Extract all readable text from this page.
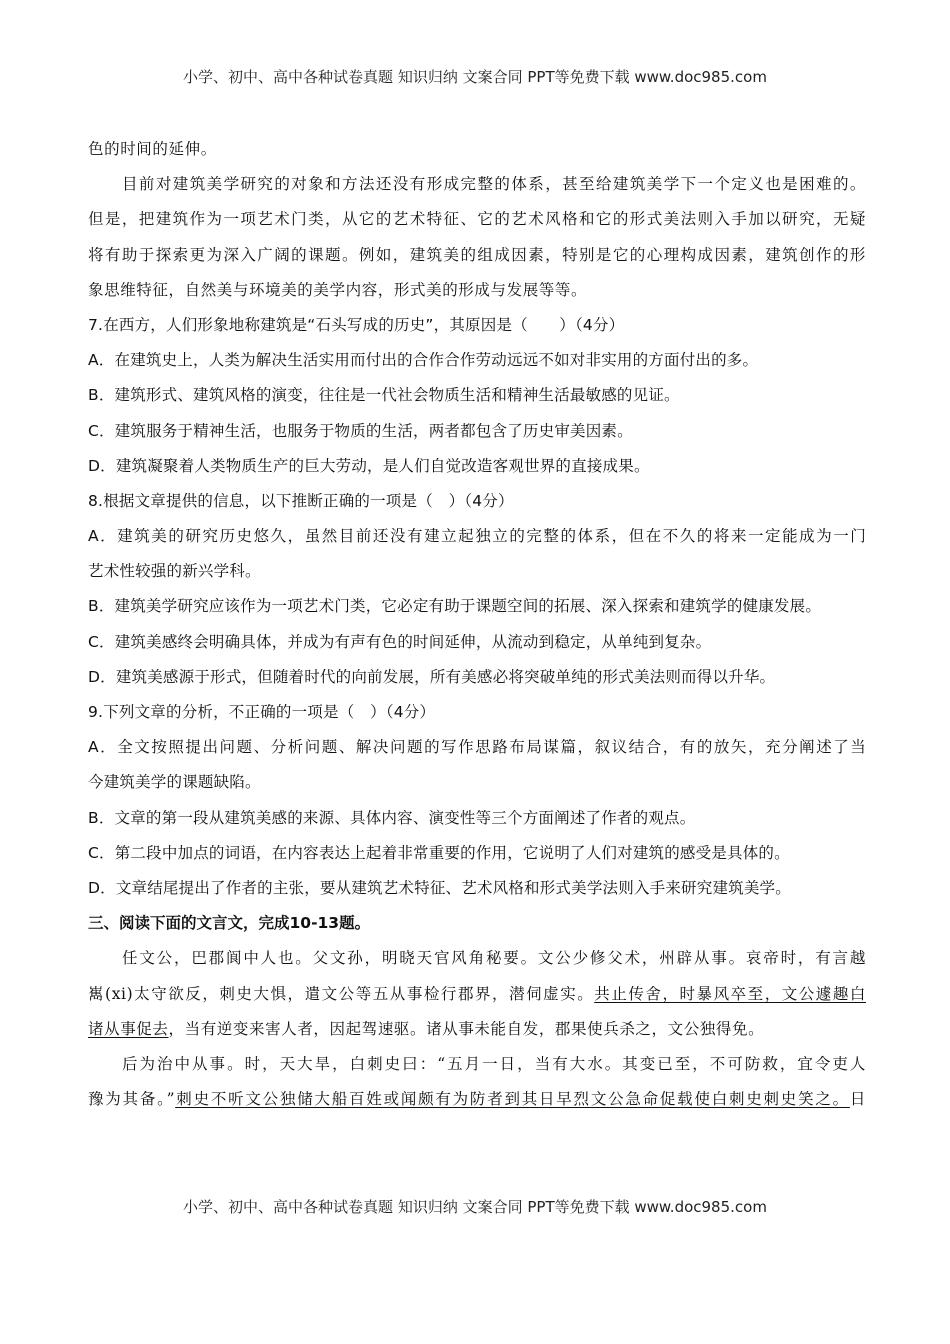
小学、初中、高中各种试卷真题 知识归纳 文案合同 PPT等免费下载 www.doc985.com
色的时间的延伸。
目前对建筑美学研究的对象和方法还没有形成完整的体系，甚至给建筑美学下一个定义也是困难的。
但是，把建筑作为一项艺术门类，从它的艺术特征、它的艺术风格和它的形式美法则入手加以研究，无疑
将有助于探索更为深入广阔的课题。例如，建筑美的组成因素，特别是它的心理构成因素，建筑创作的形
象思维特征，自然美与环境美的美学内容，形式美的形成与发展等等。
7.在西方，人们形象地称建筑是“石头写成的历史”，其原因是（　　）（4分）
A．在建筑史上，人类为解决生活实用而付出的合作合作劳动远远不如对非实用的方面付出的多。
B．建筑形式、建筑风格的演变，往往是一代社会物质生活和精神生活最敏感的见证。
C．建筑服务于精神生活，也服务于物质的生活，两者都包含了历史审美因素。
D．建筑凝聚着人类物质生产的巨大劳动，是人们自觉改造客观世界的直接成果。
8.根据文章提供的信息，以下推断正确的一项是（　）（4分）
A．建筑美的研究历史悠久，虽然目前还没有建立起独立的完整的体系，但在不久的将来一定能成为一门
艺术性较强的新兴学科。
B．建筑美学研究应该作为一项艺术门类，它必定有助于课题空间的拓展、深入探索和建筑学的健康发展。
C．建筑美感终会明确具体，并成为有声有色的时间延伸，从流动到稳定，从单纯到复杂。
D．建筑美感源于形式，但随着时代的向前发展，所有美感必将突破单纯的形式美法则而得以升华。
9.下列文章的分析，不正确的一项是（　）（4分）
A．全文按照提出问题、分析问题、解决问题的写作思路布局谋篇，叙议结合，有的放矢，充分阐述了当
今建筑美学的课题缺陷。
B．文章的第一段从建筑美感的来源、具体内容、演变性等三个方面阐述了作者的观点。
C．第二段中加点的词语，在内容表达上起着非常重要的作用，它说明了人们对建筑的感受是具体的。
D．文章结尾提出了作者的主张，要从建筑艺术特征、艺术风格和形式美学法则入手来研究建筑美学。
三、阅读下面的文言文，完成10-13题。
任文公，巴郡阆中人也。父文孙，明晓天官风角秘要。文公少修父术，州辟从事。哀帝时，有言越
嶲(xi)太守欲反，刺史大惧，遣文公等五从事检行郡界，潜伺虚实。共止传舍，时暴风卒至，文公遽趣白
诸从事促去，当有逆变来害人者，因起驾速驱。诸从事未能自发，郡果使兵杀之，文公独得免。
后为治中从事。时，天大旱，白刺史曰：“五月一日，当有大水。其变已至，不可防救，宜令吏人
豫为其备。”刺史不听文公独储大船百姓或闻颇有为防者到其日早烈文公急命促载使白刺史刺史笑之。日
小学、初中、高中各种试卷真题 知识归纳 文案合同 PPT等免费下载 www.doc985.com
